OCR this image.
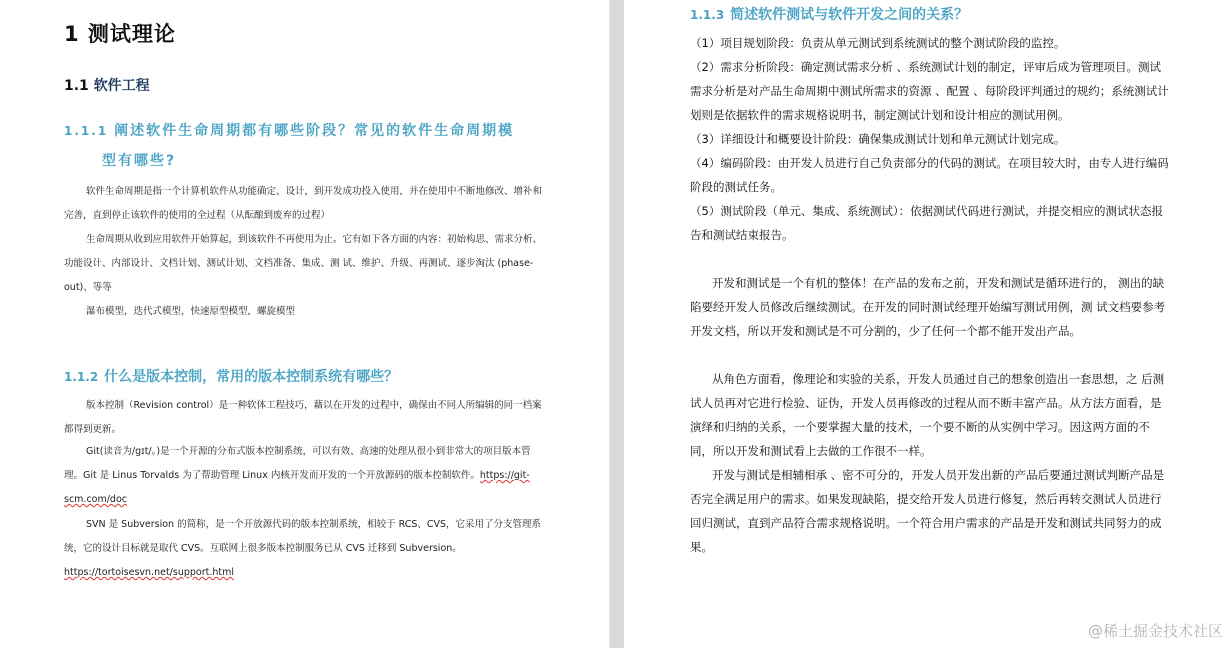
1 测试理论
1.1 软件工程
1.1.1 阐述软件生命周期都有哪些阶段？常见的软件生命周期模
型有哪些?
软件生命周期是指一个计算机软件从功能确定、设计，到开发成功投入使用，并在使用中不断地修改、增补和完善，直到停止该软件的使用的全过程（从酝酿到废弃的过程）
生命周期从收到应用软件开始算起，到该软件不再使用为止。它有如下各方面的内容：初始构思、需求分析、功能设计、内部设计、文档计划、测试计划、文档准备、集成、测 试、维护、升级、再测试、逐步淘汰 (phase-out)、等等
瀑布模型，迭代式模型，快速原型模型，螺旋模型
1.1.2 什么是版本控制，常用的版本控制系统有哪些？
版本控制（Revision control）是一种软体工程技巧，藉以在开发的过程中，确保由不同人所编辑的同一档案都得到更新。
Git(读音为/gɪt/。)是一个开源的分布式版本控制系统，可以有效、高速的处理从很小到非常大的项目版本管理。Git 是 Linus Torvalds 为了帮助管理 Linux 内核开发而开发的一个开放源码的版本控制软件。https://git-scm.com/doc
SVN 是 Subversion 的简称，是一个开放源代码的版本控制系统，相较于 RCS、CVS，它采用了分支管理系统，它的设计目标就是取代 CVS。互联网上很多版本控制服务已从 CVS 迁移到 Subversion。https://tortoisesvn.net/support.html
1.1.3 简述软件测试与软件开发之间的关系？
（1）项目规划阶段：负责从单元测试到系统测试的整个测试阶段的监控。
（2）需求分析阶段：确定测试需求分析 、系统测试计划的制定，评审后成为管理项目。测试需求分析是对产品生命周期中测试所需求的资源 、配置 、每阶段评判通过的规约；系统测试计划则是依据软件的需求规格说明书，制定测试计划和设计相应的测试用例。
（3）详细设计和概要设计阶段：确保集成测试计划和单元测试计划完成。
（4）编码阶段：由开发人员进行自己负责部分的代码的测试。在项目较大时，由专人进行编码阶段的测试任务。
（5）测试阶段（单元、集成、系统测试）：依据测试代码进行测试，并提交相应的测试状态报告和测试结束报告。
开发和测试是一个有机的整体！在产品的发布之前，开发和测试是循环进行的， 测出的缺陷要经开发人员修改后继续测试。在开发的同时测试经理开始编写测试用例，测 试文档要参考开发文档，所以开发和测试是不可分割的，少了任何一个都不能开发出产品。
从角色方面看，像理论和实验的关系，开发人员通过自己的想象创造出一套思想，之 后测试人员再对它进行检验、证伪，开发人员再修改的过程从而不断丰富产品。从方法方面看，是演绎和归纳的关系，一个要掌握大量的技术，一个要不断的从实例中学习。因这两方面的不同，所以开发和测试看上去做的工作很不一样。
开发与测试是相辅相承 、密不可分的，开发人员开发出新的产品后要通过测试判断产品是否完全满足用户的需求。如果发现缺陷，提交给开发人员进行修复，然后再转交测试人员进行回归测试，直到产品符合需求规格说明。一个符合用户需求的产品是开发和测试共同努力的成果。
@稀土掘金技术社区
